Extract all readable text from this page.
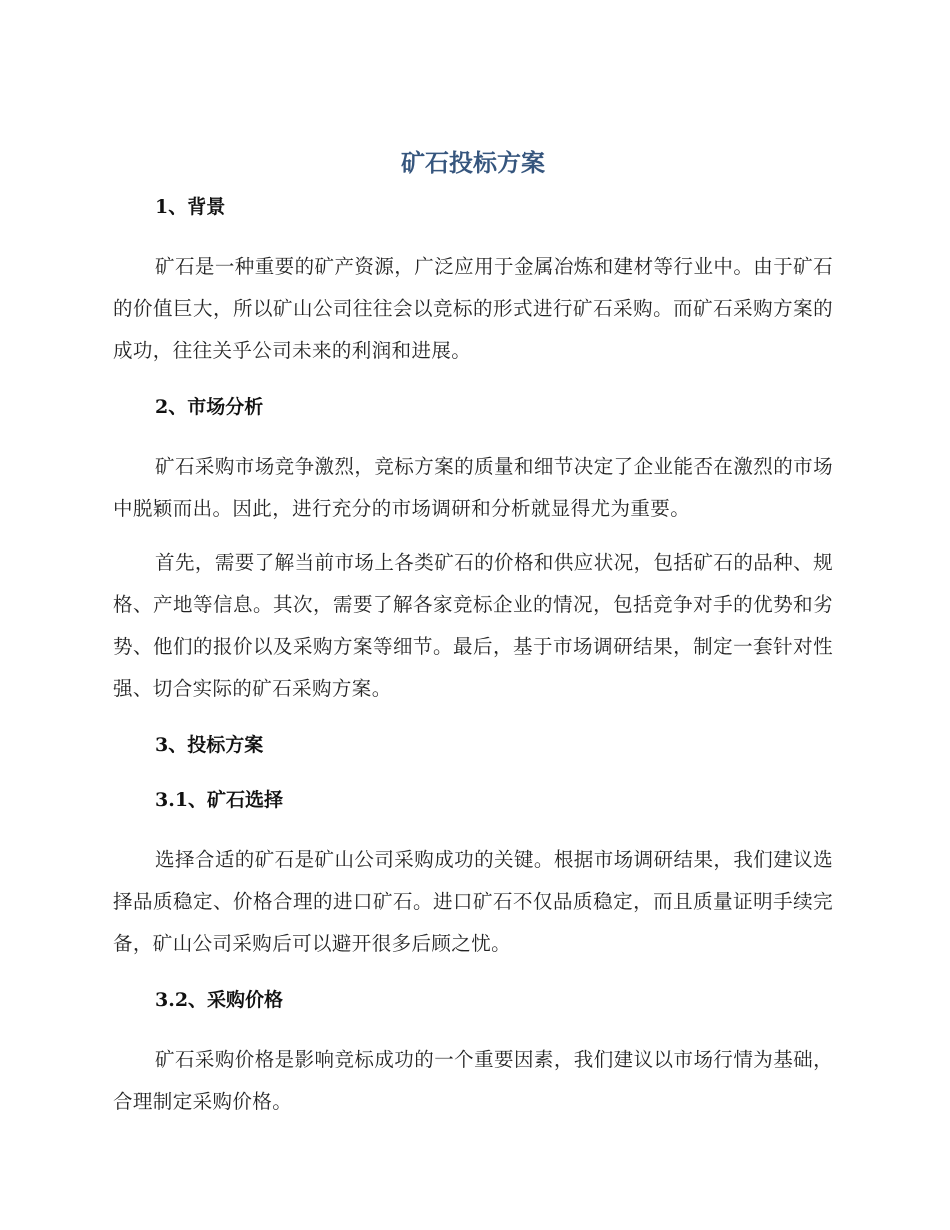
矿石投标方案
1、背景

矿石是一种重要的矿产资源，广泛应用于金属冶炼和建材等行业中。由于矿石的价值巨大，所以矿山公司往往会以竞标的形式进行矿石采购。而矿石采购方案的成功，往往关乎公司未来的利润和进展。

2、市场分析

矿石采购市场竞争激烈，竞标方案的质量和细节决定了企业能否在激烈的市场中脱颖而出。因此，进行充分的市场调研和分析就显得尤为重要。

首先，需要了解当前市场上各类矿石的价格和供应状况，包括矿石的品种、规格、产地等信息。其次，需要了解各家竞标企业的情况，包括竞争对手的优势和劣势、他们的报价以及采购方案等细节。最后，基于市场调研结果，制定一套针对性强、切合实际的矿石采购方案。

3、投标方案
3.1、矿石选择

选择合适的矿石是矿山公司采购成功的关键。根据市场调研结果，我们建议选择品质稳定、价格合理的进口矿石。进口矿石不仅品质稳定，而且质量证明手续完备，矿山公司采购后可以避开很多后顾之忧。

3.2、采购价格

矿石采购价格是影响竞标成功的一个重要因素，我们建议以市场行情为基础，合理制定采购价格。
